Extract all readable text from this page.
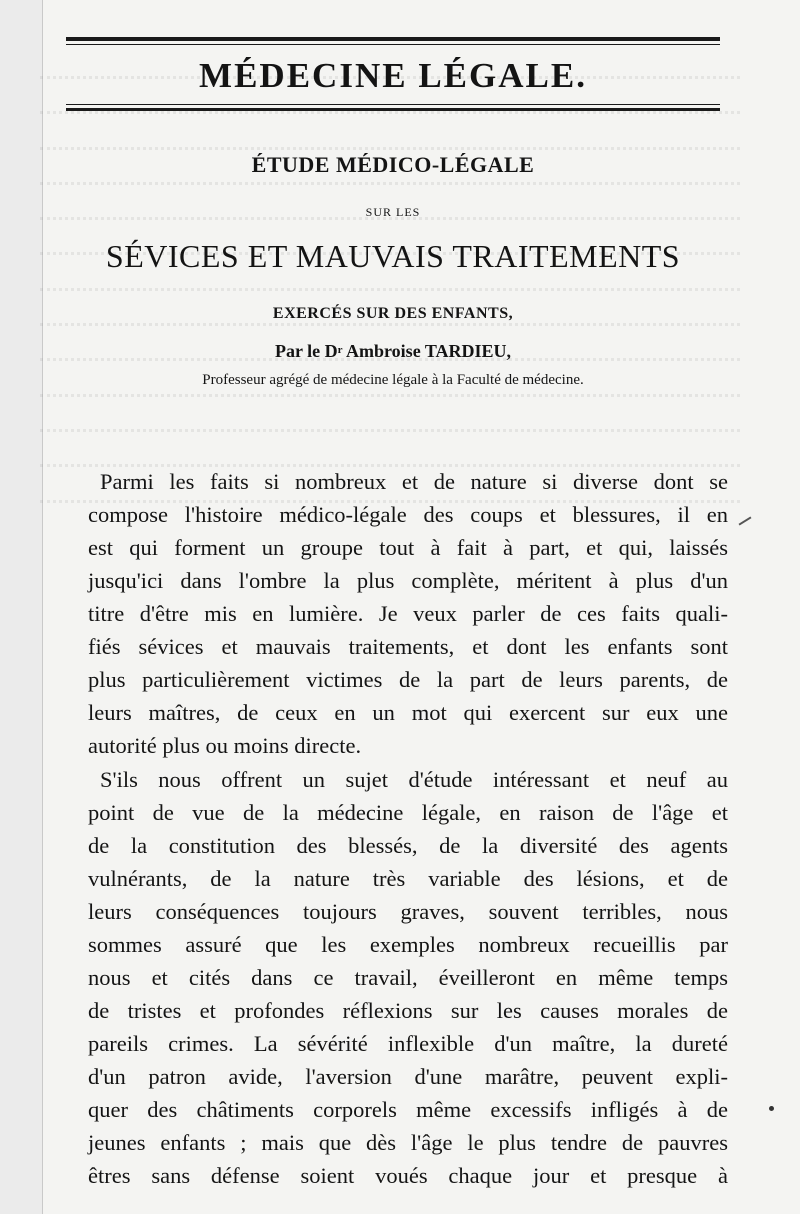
MÉDECINE LÉGALE.
ÉTUDE MÉDICO-LÉGALE
SUR LES
SÉVICES ET MAUVAIS TRAITEMENTS
EXERCÉS SUR DES ENFANTS,
Par le $D^r$ Ambroise TARDIEU,
Professeur agrégé de médecine légale à la Faculté de médecine.
Parmi les faits si nombreux et de nature si diverse dont se
compose l'histoire médico-légale des coups et blessures, il en
est qui forment un groupe tout à fait à part, et qui, laissés
jusqu'ici dans l'ombre la plus complète, méritent à plus d'un
titre d'être mis en lumière. Je veux parler de ces faits quali-
fiés sévices et mauvais traitements, et dont les enfants sont
plus particulièrement victimes de la part de leurs parents, de
leurs maîtres, de ceux en un mot qui exercent sur eux une
autorité plus ou moins directe.
S'ils nous offrent un sujet d'étude intéressant et neuf au
point de vue de la médecine légale, en raison de l'âge et
de la constitution des blessés, de la diversité des agents
vulnérants, de la nature très variable des lésions, et de
leurs conséquences toujours graves, souvent terribles, nous
sommes assuré que les exemples nombreux recueillis par
nous et cités dans ce travail, éveilleront en même temps
de tristes et profondes réflexions sur les causes morales de
pareils crimes. La sévérité inflexible d'un maître, la dureté
d'un patron avide, l'aversion d'une marâtre, peuvent expli-
quer des châtiments corporels même excessifs infligés à de
jeunes enfants ; mais que dès l'âge le plus tendre de pauvres
êtres sans défense soient voués chaque jour et presque à
